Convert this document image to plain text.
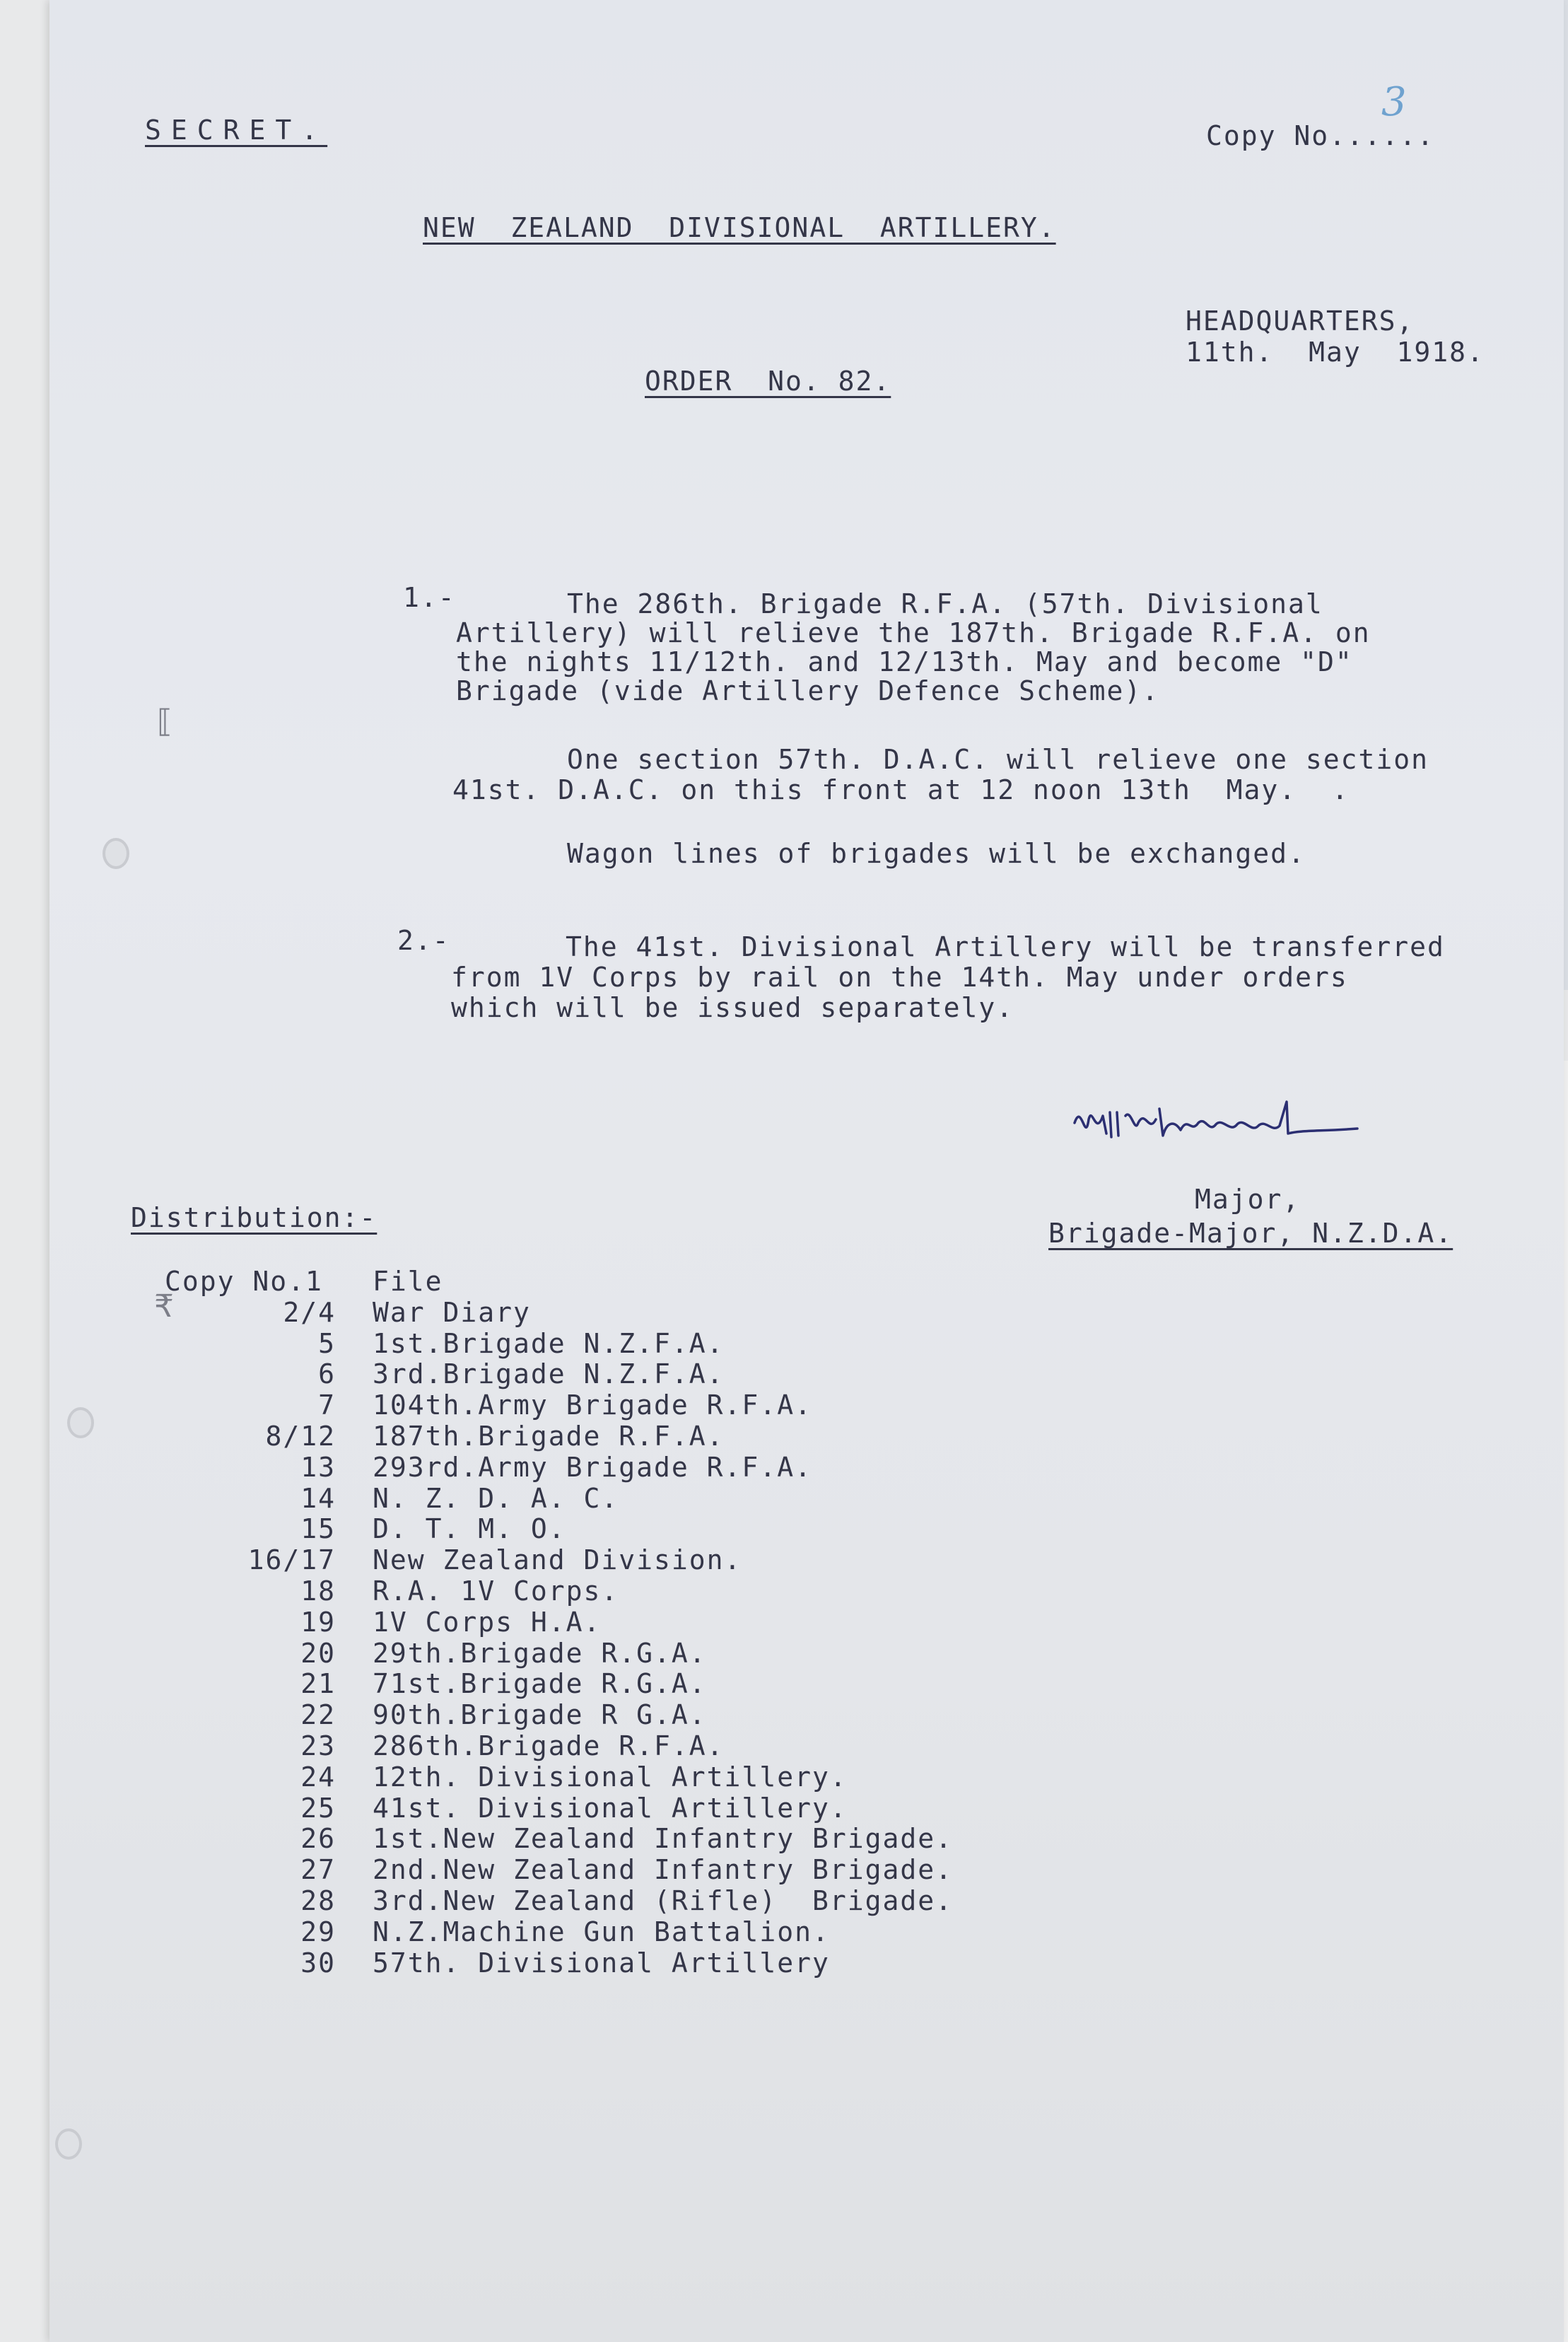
⟦
₹
SECRET.	Copy No......
3
NEW  ZEALAND  DIVISIONAL  ARTILLERY.
HEADQUARTERS,
11th.  May  1918.
ORDER  No. 82.
1.-	The 286th. Brigade R.F.A. (57th. Divisional
Artillery) will relieve the 187th. Brigade R.F.A. on
the nights 11/12th. and 12/13th. May and become "D"
Brigade (vide Artillery Defence Scheme).
One section 57th. D.A.C. will relieve one section
41st. D.A.C. on this front at 12 noon 13th  May.  .
Wagon lines of brigades will be exchanged.
2.-	The 41st. Divisional Artillery will be transferred
from 1V Corps by rail on the 14th. May under orders
which will be issued separately.
Major,
Brigade-Major, N.Z.D.A.
Distribution:-
Copy No.1 File
2/4 War Diary
5 1st.Brigade N.Z.F.A.
6 3rd.Brigade N.Z.F.A.
7 104th.Army Brigade R.F.A.
8/12 187th.Brigade R.F.A.
13 293rd.Army Brigade R.F.A.
14 N. Z. D. A. C.
15 D. T. M. O.
16/17 New Zealand Division.
18 R.A. 1V Corps.
19 1V Corps H.A.
20 29th.Brigade R.G.A.
21 71st.Brigade R.G.A.
22 90th.Brigade R G.A.
23 286th.Brigade R.F.A.
24 12th. Divisional Artillery.
25 41st. Divisional Artillery.
26 1st.New Zealand Infantry Brigade.
27 2nd.New Zealand Infantry Brigade.
28 3rd.New Zealand (Rifle)  Brigade.
29 N.Z.Machine Gun Battalion.
30 57th. Divisional Artillery
